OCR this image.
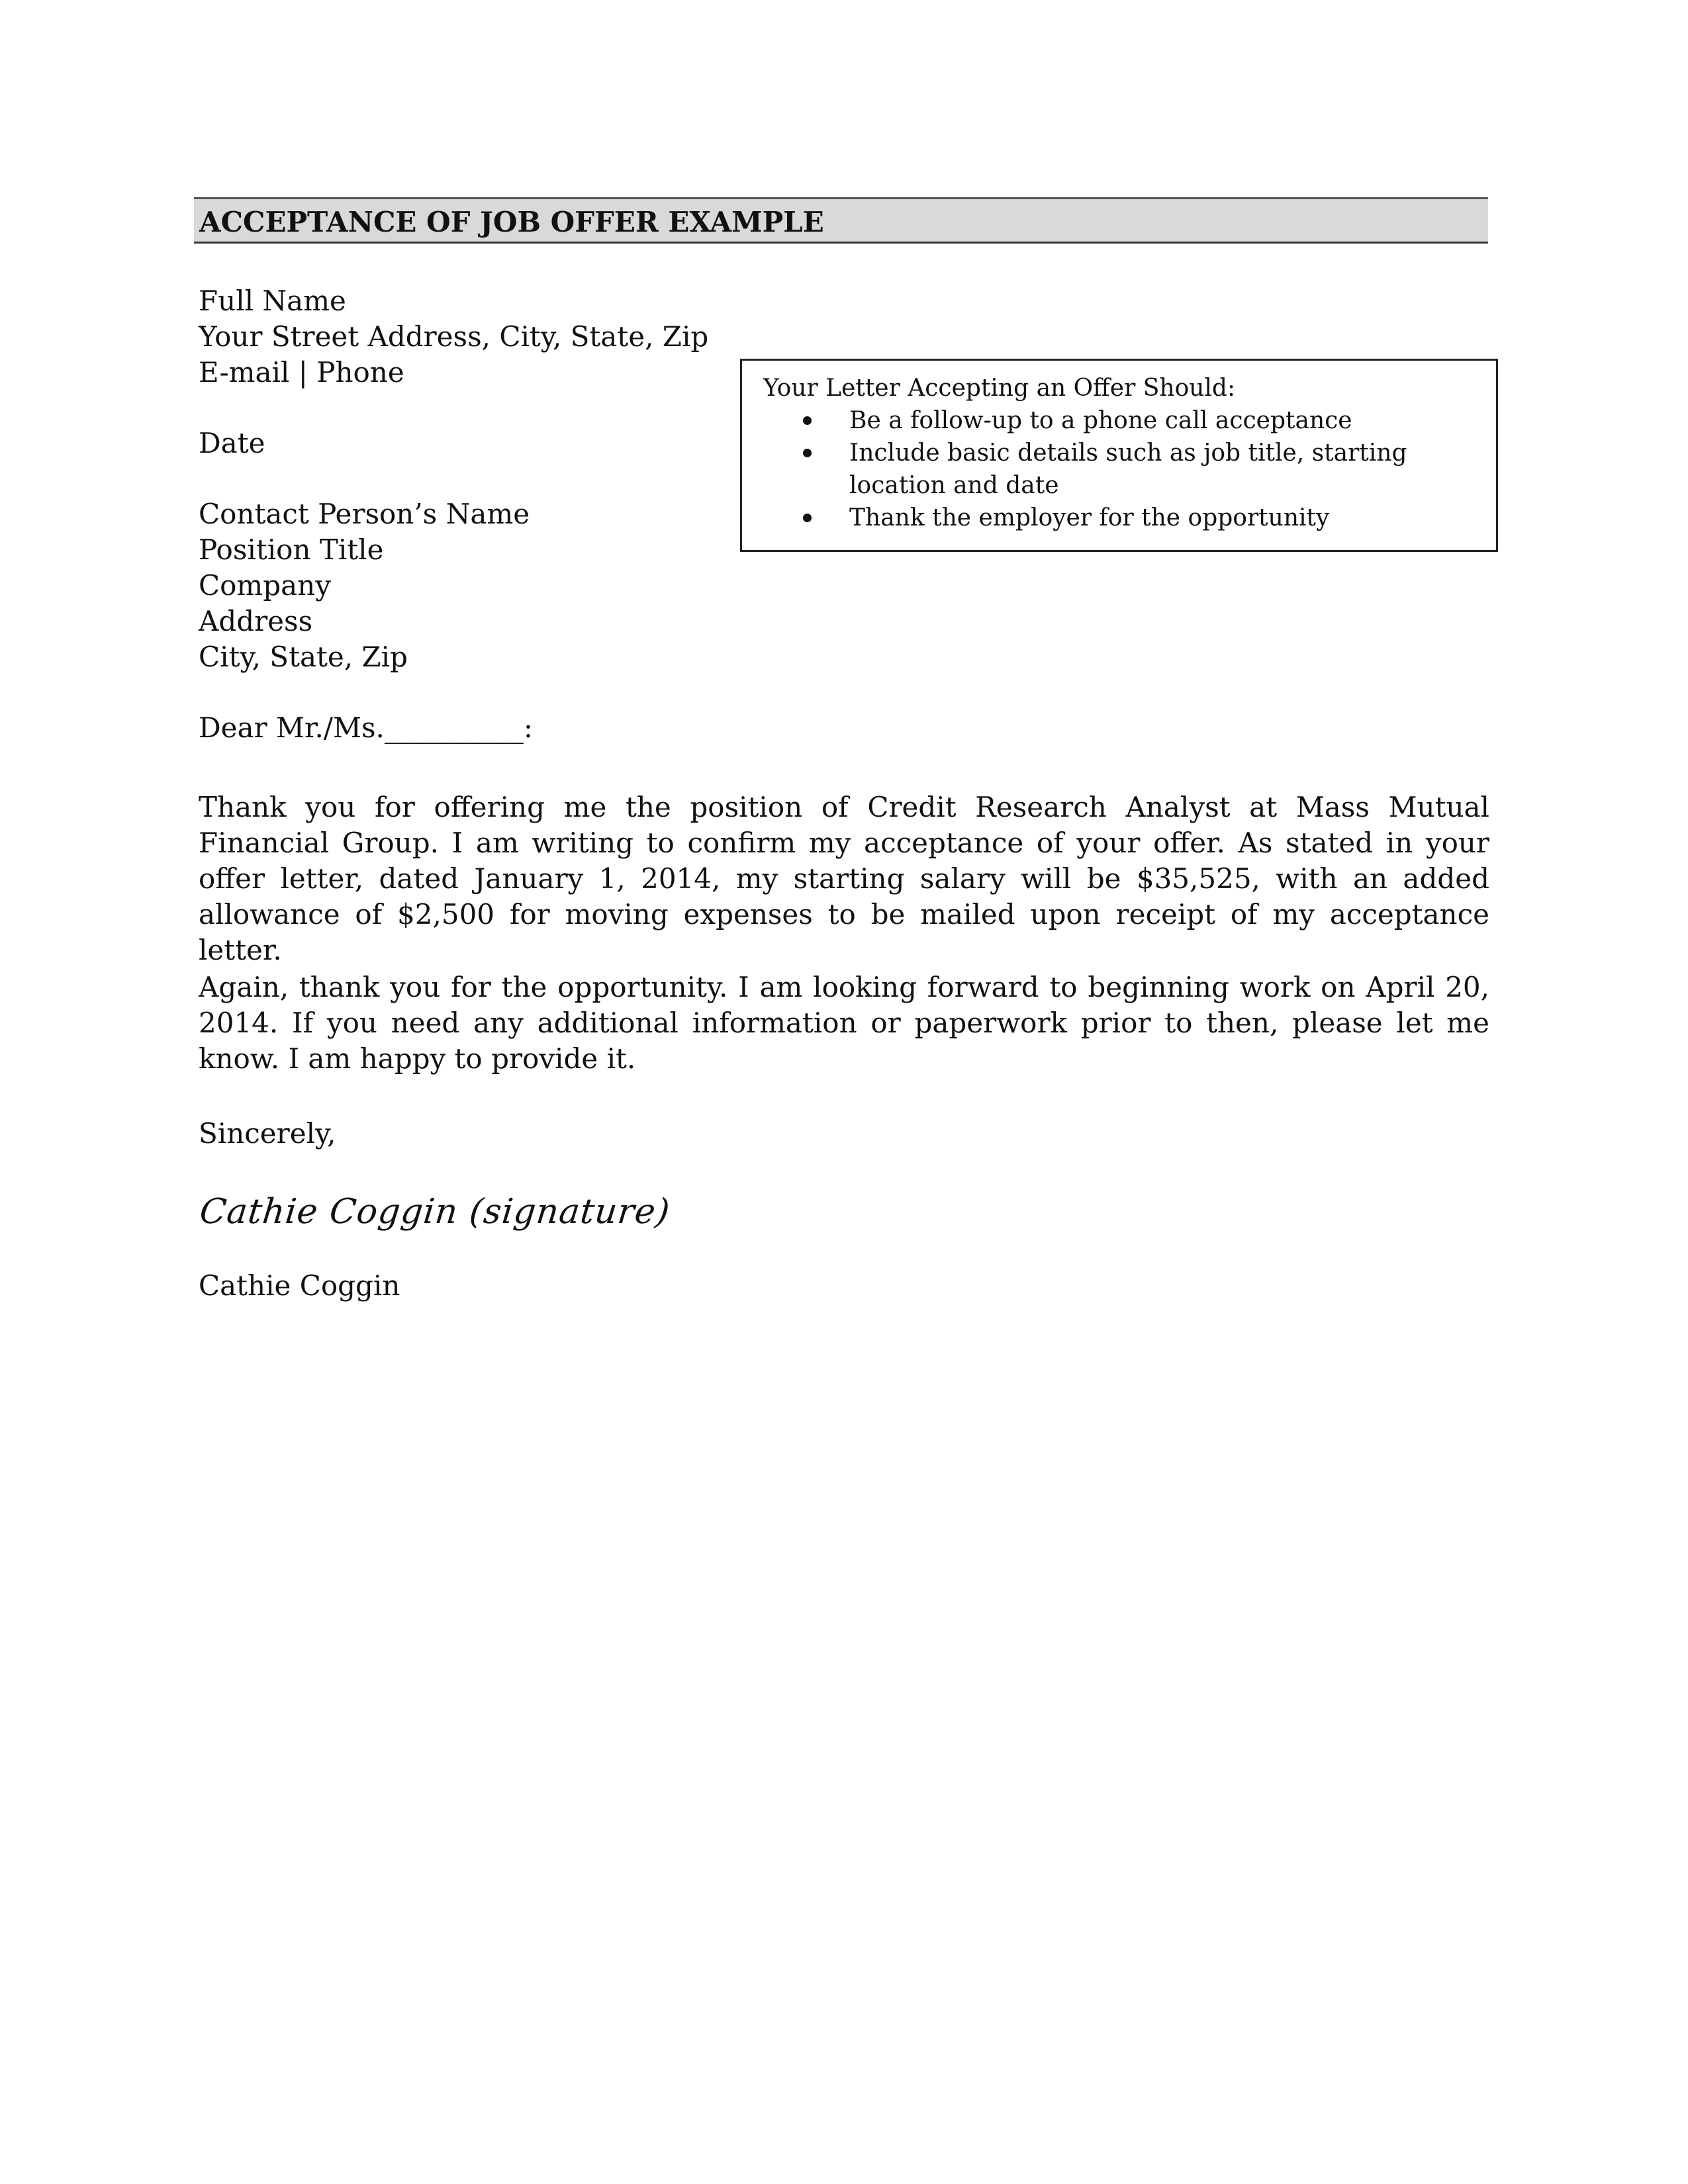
ACCEPTANCE OF JOB OFFER EXAMPLE
Full Name
Your Street Address, City, State, Zip
E-mail | Phone
Date
Contact Person’s Name
Position Title
Company
Address
City, State, Zip
Dear Mr./Ms.__________:
Your Letter Accepting an Offer Should:
Be a follow-up to a phone call acceptance
Include basic details such as job title, starting location and date
Thank the employer for the opportunity
Thank you for offering me the position of Credit Research Analyst at Mass Mutual Financial Group. I am writing to confirm my acceptance of your offer. As stated in your offer letter, dated January 1, 2014, my starting salary will be $35,525, with an added allowance of $2,500 for moving expenses to be mailed upon receipt of my acceptance letter.
Again, thank you for the opportunity. I am looking forward to beginning work on April 20, 2014. If you need any additional information or paperwork prior to then, please let me know. I am happy to provide it.
Sincerely,
Cathie Coggin (signature)
Cathie Coggin
